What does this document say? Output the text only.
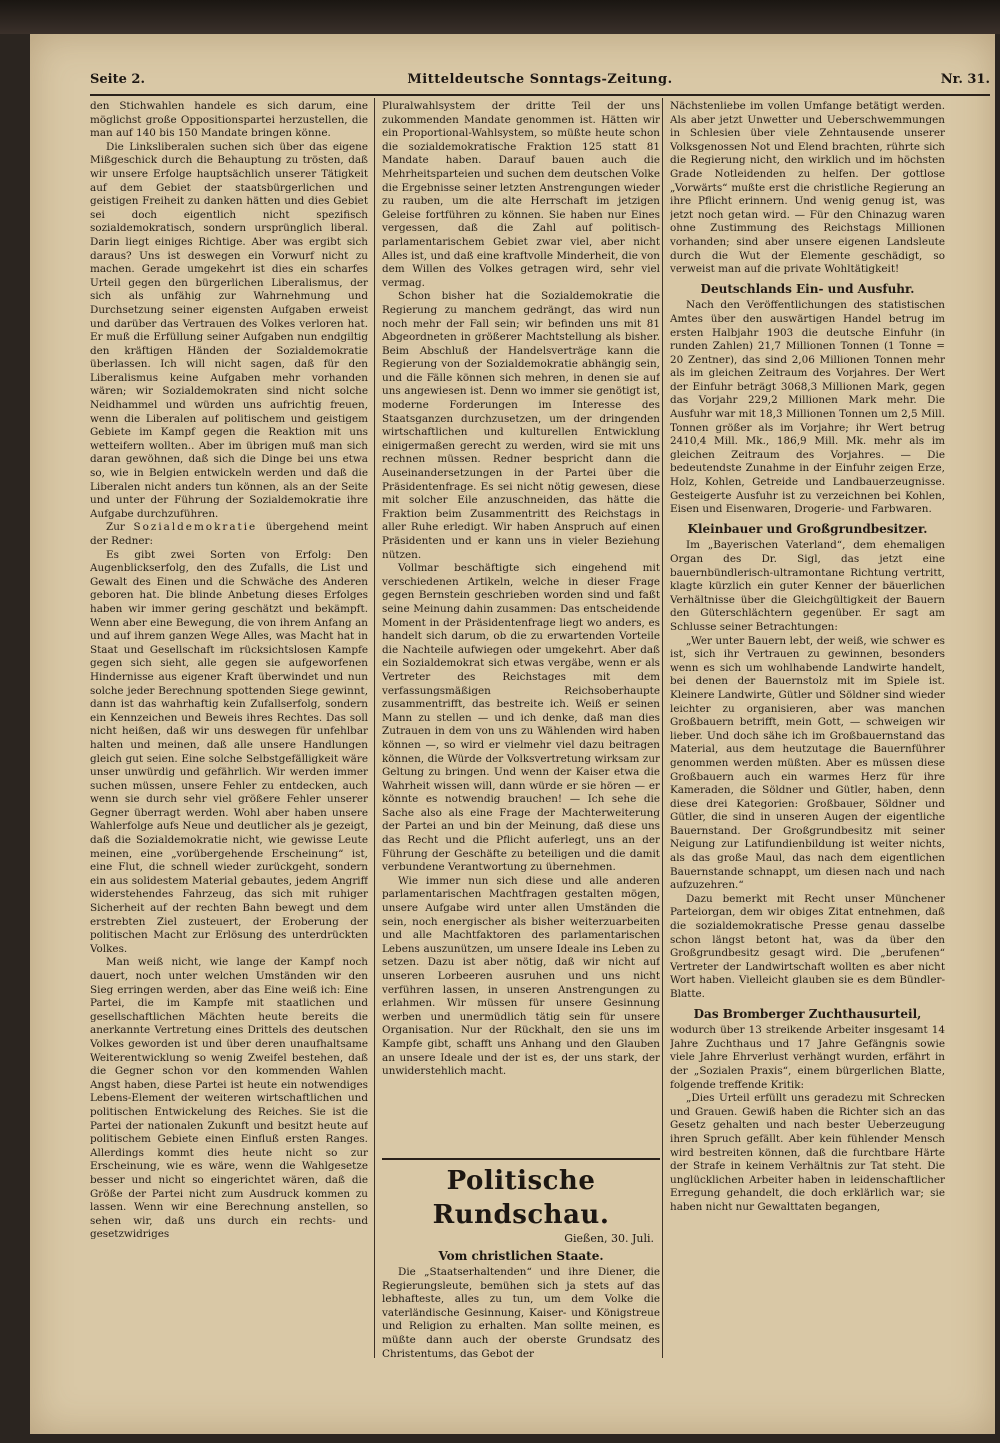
Seite 2.	Mitteldeutsche Sonntags-Zeitung.	Nr. 31.

den Stichwahlen handele es sich darum, eine möglichst große Oppositionspartei herzustellen, die man auf 140 bis 150 Mandate bringen könne.

Die Linksliberalen suchen sich über das eigene Mißgeschick durch die Behauptung zu trösten, daß wir unsere Erfolge hauptsächlich unserer Tätigkeit auf dem Gebiet der staatsbürgerlichen und geistigen Freiheit zu danken hätten und dies Gebiet sei doch eigentlich nicht spezifisch sozialdemokratisch, sondern ursprünglich liberal. Darin liegt einiges Richtige. Aber was ergibt sich daraus? Uns ist deswegen ein Vorwurf nicht zu machen. Gerade umgekehrt ist dies ein scharfes Urteil gegen den bürgerlichen Liberalismus, der sich als unfähig zur Wahrnehmung und Durchsetzung seiner eigensten Aufgaben erweist und darüber das Vertrauen des Volkes verloren hat. Er muß die Erfüllung seiner Aufgaben nun endgiltig den kräftigen Händen der Sozialdemokratie überlassen. Ich will nicht sagen, daß für den Liberalismus keine Aufgaben mehr vorhanden wären; wir Sozialdemokraten sind nicht solche Neidhammel und würden uns aufrichtig freuen, wenn die Liberalen auf politischem und geistigem Gebiete im Kampf gegen die Reaktion mit uns wetteifern wollten.. Aber im übrigen muß man sich daran gewöhnen, daß sich die Dinge bei uns etwa so, wie in Belgien entwickeln werden und daß die Liberalen nicht anders tun können, als an der Seite und unter der Führung der Sozialdemokratie ihre Aufgabe durchzuführen.

Zur Sozialdemokratie übergehend meint der Redner:

Es gibt zwei Sorten von Erfolg: Den Augenblickserfolg, den des Zufalls, die List und Gewalt des Einen und die Schwäche des Anderen geboren hat. Die blinde Anbetung dieses Erfolges haben wir immer gering geschätzt und bekämpft. Wenn aber eine Bewegung, die von ihrem Anfang an und auf ihrem ganzen Wege Alles, was Macht hat in Staat und Gesellschaft im rücksichtslosen Kampfe gegen sich sieht, alle gegen sie aufgeworfenen Hindernisse aus eigener Kraft überwindet und nun solche jeder Berechnung spottenden Siege gewinnt, dann ist das wahrhaftig kein Zufallserfolg, sondern ein Kennzeichen und Beweis ihres Rechtes. Das soll nicht heißen, daß wir uns deswegen für unfehlbar halten und meinen, daß alle unsere Handlungen gleich gut seien. Eine solche Selbstgefälligkeit wäre unser unwürdig und gefährlich. Wir werden immer suchen müssen, unsere Fehler zu entdecken, auch wenn sie durch sehr viel größere Fehler unserer Gegner überragt werden. Wohl aber haben unsere Wahlerfolge aufs Neue und deutlicher als je gezeigt, daß die Sozialdemokratie nicht, wie gewisse Leute meinen, eine „vorübergehende Erscheinung“ ist, eine Flut, die schnell wieder zurückgeht, sondern ein aus solidestem Material gebautes, jedem Angriff widerstehendes Fahrzeug, das sich mit ruhiger Sicherheit auf der rechten Bahn bewegt und dem erstrebten Ziel zusteuert, der Eroberung der politischen Macht zur Erlösung des unterdrückten Volkes.

Man weiß nicht, wie lange der Kampf noch dauert, noch unter welchen Umständen wir den Sieg erringen werden, aber das Eine weiß ich: Eine Partei, die im Kampfe mit staatlichen und gesellschaftlichen Mächten heute bereits die anerkannte Vertretung eines Drittels des deutschen Volkes geworden ist und über deren unaufhaltsame Weiterentwicklung so wenig Zweifel bestehen, daß die Gegner schon vor den kommenden Wahlen Angst haben, diese Partei ist heute ein notwendiges Lebens-Element der weiteren wirtschaftlichen und politischen Entwickelung des Reiches. Sie ist die Partei der nationalen Zukunft und besitzt heute auf politischem Gebiete einen Einfluß ersten Ranges. Allerdings kommt dies heute nicht so zur Erscheinung, wie es wäre, wenn die Wahlgesetze besser und nicht so eingerichtet wären, daß die Größe der Partei nicht zum Ausdruck kommen zu lassen. Wenn wir eine Berechnung anstellen, so sehen wir, daß uns durch ein rechts- und gesetzwidriges

Pluralwahlsystem der dritte Teil der uns zukommenden Mandate genommen ist. Hätten wir ein Proportional-Wahlsystem, so müßte heute schon die sozialdemokratische Fraktion 125 statt 81 Mandate haben. Darauf bauen auch die Mehrheitsparteien und suchen dem deutschen Volke die Ergebnisse seiner letzten Anstrengungen wieder zu rauben, um die alte Herrschaft im jetzigen Geleise fortführen zu können. Sie haben nur Eines vergessen, daß die Zahl auf politisch-parlamentarischem Gebiet zwar viel, aber nicht Alles ist, und daß eine kraftvolle Minderheit, die von dem Willen des Volkes getragen wird, sehr viel vermag.

Schon bisher hat die Sozialdemokratie die Regierung zu manchem gedrängt, das wird nun noch mehr der Fall sein; wir befinden uns mit 81 Abgeordneten in größerer Machtstellung als bisher. Beim Abschluß der Handelsverträge kann die Regierung von der Sozialdemokratie abhängig sein, und die Fälle können sich mehren, in denen sie auf uns angewiesen ist. Denn wo immer sie genötigt ist, moderne Forderungen im Interesse des Staatsganzen durchzusetzen, um der dringenden wirtschaftlichen und kulturellen Entwicklung einigermaßen gerecht zu werden, wird sie mit uns rechnen müssen. Redner bespricht dann die Auseinandersetzungen in der Partei über die Präsidentenfrage. Es sei nicht nötig gewesen, diese mit solcher Eile anzuschneiden, das hätte die Fraktion beim Zusammentritt des Reichstags in aller Ruhe erledigt. Wir haben Anspruch auf einen Präsidenten und er kann uns in vieler Beziehung nützen.

Vollmar beschäftigte sich eingehend mit verschiedenen Artikeln, welche in dieser Frage gegen Bernstein geschrieben worden sind und faßt seine Meinung dahin zusammen: Das entscheidende Moment in der Präsidentenfrage liegt wo anders, es handelt sich darum, ob die zu erwartenden Vorteile die Nachteile aufwiegen oder umgekehrt. Aber daß ein Sozialdemokrat sich etwas vergäbe, wenn er als Vertreter des Reichstages mit dem verfassungsmäßigen Reichsoberhaupte zusammentrifft, das bestreite ich. Weiß er seinen Mann zu stellen — und ich denke, daß man dies Zutrauen in dem von uns zu Wählenden wird haben können —, so wird er vielmehr viel dazu beitragen können, die Würde der Volksvertretung wirksam zur Geltung zu bringen. Und wenn der Kaiser etwa die Wahrheit wissen will, dann würde er sie hören — er könnte es notwendig brauchen! — Ich sehe die Sache also als eine Frage der Machterweiterung der Partei an und bin der Meinung, daß diese uns das Recht und die Pflicht auferlegt, uns an der Führung der Geschäfte zu beteiligen und die damit verbundene Verantwortung zu übernehmen.

Wie immer nun sich diese und alle anderen parlamentarischen Machtfragen gestalten mögen, unsere Aufgabe wird unter allen Umständen die sein, noch energischer als bisher weiterzuarbeiten und alle Machtfaktoren des parlamentarischen Lebens auszunützen, um unsere Ideale ins Leben zu setzen. Dazu ist aber nötig, daß wir nicht auf unseren Lorbeeren ausruhen und uns nicht verführen lassen, in unseren Anstrengungen zu erlahmen. Wir müssen für unsere Gesinnung werben und unermüdlich tätig sein für unsere Organisation. Nur der Rückhalt, den sie uns im Kampfe gibt, schafft uns Anhang und den Glauben an unsere Ideale und der ist es, der uns stark, der unwiderstehlich macht.

Politische Rundschau.
Gießen, 30. Juli.
Vom christlichen Staate.

Die „Staatserhaltenden“ und ihre Diener, die Regierungsleute, bemühen sich ja stets auf das lebhafteste, alles zu tun, um dem Volke die vaterländische Gesinnung, Kaiser- und Königstreue und Religion zu erhalten. Man sollte meinen, es müßte dann auch der oberste Grundsatz des Christentums, das Gebot der

Nächstenliebe im vollen Umfange betätigt werden. Als aber jetzt Unwetter und Ueberschwemmungen in Schlesien über viele Zehntausende unserer Volksgenossen Not und Elend brachten, rührte sich die Regierung nicht, den wirklich und im höchsten Grade Notleidenden zu helfen. Der gottlose „Vorwärts“ mußte erst die christliche Regierung an ihre Pflicht erinnern. Und wenig genug ist, was jetzt noch getan wird. — Für den Chinazug waren ohne Zustimmung des Reichstags Millionen vorhanden; sind aber unsere eigenen Landsleute durch die Wut der Elemente geschädigt, so verweist man auf die private Wohltätigkeit!

Deutschlands Ein- und Ausfuhr.

Nach den Veröffentlichungen des statistischen Amtes über den auswärtigen Handel betrug im ersten Halbjahr 1903 die deutsche Einfuhr (in runden Zahlen) 21,7 Millionen Tonnen (1 Tonne = 20 Zentner), das sind 2,06 Millionen Tonnen mehr als im gleichen Zeitraum des Vorjahres. Der Wert der Einfuhr beträgt 3068,3 Millionen Mark, gegen das Vorjahr 229,2 Millionen Mark mehr. Die Ausfuhr war mit 18,3 Millionen Tonnen um 2,5 Mill. Tonnen größer als im Vorjahre; ihr Wert betrug 2410,4 Mill. Mk., 186,9 Mill. Mk. mehr als im gleichen Zeitraum des Vorjahres. — Die bedeutendste Zunahme in der Einfuhr zeigen Erze, Holz, Kohlen, Getreide und Landbauerzeugnisse. Gesteigerte Ausfuhr ist zu verzeichnen bei Kohlen, Eisen und Eisenwaren, Drogerie- und Farbwaren.

Kleinbauer und Großgrundbesitzer.

Im „Bayerischen Vaterland“, dem ehemaligen Organ des Dr. Sigl, das jetzt eine bauernbündlerisch-ultramontane Richtung vertritt, klagte kürzlich ein guter Kenner der bäuerlichen Verhältnisse über die Gleichgültigkeit der Bauern den Güterschlächtern gegenüber. Er sagt am Schlusse seiner Betrachtungen:

„Wer unter Bauern lebt, der weiß, wie schwer es ist, sich ihr Vertrauen zu gewinnen, besonders wenn es sich um wohlhabende Landwirte handelt, bei denen der Bauernstolz mit im Spiele ist. Kleinere Landwirte, Gütler und Söldner sind wieder leichter zu organisieren, aber was manchen Großbauern betrifft, mein Gott, — schweigen wir lieber. Und doch sähe ich im Großbauernstand das Material, aus dem heutzutage die Bauernführer genommen werden müßten. Aber es müssen diese Großbauern auch ein warmes Herz für ihre Kameraden, die Söldner und Gütler, haben, denn diese drei Kategorien: Großbauer, Söldner und Gütler, die sind in unseren Augen der eigentliche Bauernstand. Der Großgrundbesitz mit seiner Neigung zur Latifundienbildung ist weiter nichts, als das große Maul, das nach dem eigentlichen Bauernstande schnappt, um diesen nach und nach aufzuzehren.“

Dazu bemerkt mit Recht unser Münchener Parteiorgan, dem wir obiges Zitat entnehmen, daß die sozialdemokratische Presse genau dasselbe schon längst betont hat, was da über den Großgrundbesitz gesagt wird. Die „berufenen“ Vertreter der Landwirtschaft wollten es aber nicht Wort haben. Vielleicht glauben sie es dem Bündler-Blatte.

Das Bromberger Zuchthausurteil,

wodurch über 13 streikende Arbeiter insgesamt 14 Jahre Zuchthaus und 17 Jahre Gefängnis sowie viele Jahre Ehrverlust verhängt wurden, erfährt in der „Sozialen Praxis“, einem bürgerlichen Blatte, folgende treffende Kritik:

„Dies Urteil erfüllt uns geradezu mit Schrecken und Grauen. Gewiß haben die Richter sich an das Gesetz gehalten und nach bester Ueberzeugung ihren Spruch gefällt. Aber kein fühlender Mensch wird bestreiten können, daß die furchtbare Härte der Strafe in keinem Verhältnis zur Tat steht. Die unglücklichen Arbeiter haben in leidenschaftlicher Erregung gehandelt, die doch erklärlich war; sie haben nicht nur Gewalttaten begangen,
